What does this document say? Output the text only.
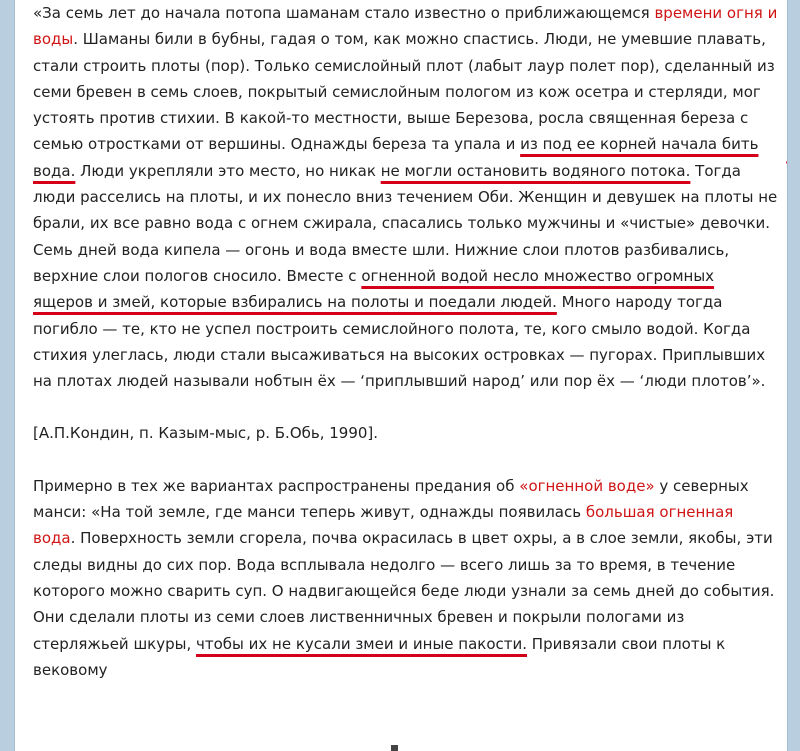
«За семь лет до начала потопа шаманам стало известно о приближающемся времени огня и воды. Шаманы били в бубны, гадая о том, как можно спастись. Люди, не умевшие плавать, стали строить плоты (пор). Только семислойный плот (лабыт лаур полет пор), сделанный из семи бревен в семь слоев, покрытый семислойным пологом из кож осетра и стерляди, мог устоять против стихии. В какой-то местности, выше Березова, росла священная береза с семью отростками от вершины. Однажды береза та упала и из под ее корней начала бить вода. Люди укрепляли это место, но никак не могли остановить водяного потока. Тогда люди расселись на плоты, и их понесло вниз течением Оби. Женщин и девушек на плоты не брали, их все равно вода с огнем сжирала, спасались только мужчины и «чистые» девочки. Семь дней вода кипела — огонь и вода вместе шли. Нижние слои плотов разбивались, верхние слои пологов сносило. Вместе с огненной водой несло множество огромных ящеров и змей, которые взбирались на полоты и поедали людей. Много народу тогда погибло — те, кто не успел построить семислойного полота, те, кого смыло водой. Когда стихия улеглась, люди стали высаживаться на высоких островках — пугорах. Приплывших на плотах людей называли нобтын ёх — ‘приплывший народ’ или пор ёх — ‘люди плотов’».

[А.П.Кондин, п. Казым-мыс, р. Б.Обь, 1990].

Примерно в тех же вариантах распространены предания об «огненной воде» у северных манси: «На той земле, где манси теперь живут, однажды появилась большая огненная вода. Поверхность земли сгорела, почва окрасилась в цвет охры, а в слое земли, якобы, эти следы видны до сих пор. Вода всплывала недолго — всего лишь за то время, в течение которого можно сварить суп. О надвигающейся беде люди узнали за семь дней до события. Они сделали плоты из семи слоев лиственничных бревен и покрыли пологами из стерляжьей шкуры, чтобы их не кусали змеи и иные пакости. Привязали свои плоты к вековому
